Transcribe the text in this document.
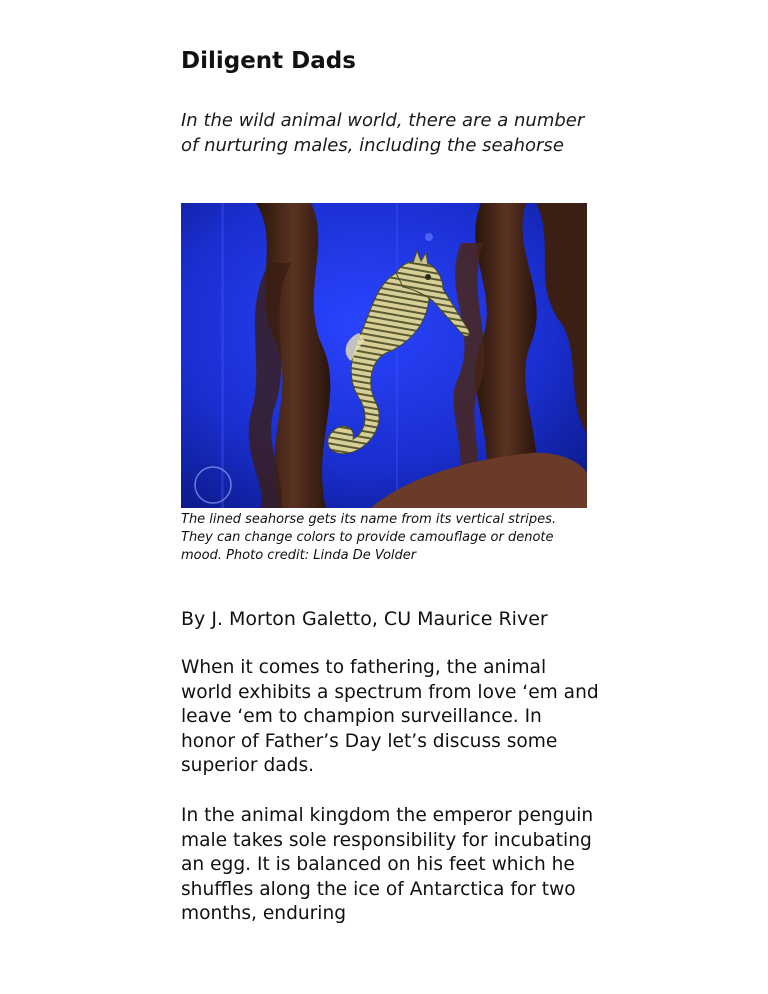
Diligent Dads

In the wild animal world, there are a number of nurturing males, including the seahorse

The lined seahorse gets its name from its vertical stripes. They can change colors to provide camouflage or denote mood. Photo credit: Linda De Volder

By J. Morton Galetto, CU Maurice River

When it comes to fathering, the animal world exhibits a spectrum from love ‘em and leave ‘em to champion surveillance. In honor of Father’s Day let’s discuss some superior dads.

In the animal kingdom the emperor penguin male takes sole responsibility for incubating an egg. It is balanced on his feet which he shuffles along the ice of Antarctica for two months, enduring
